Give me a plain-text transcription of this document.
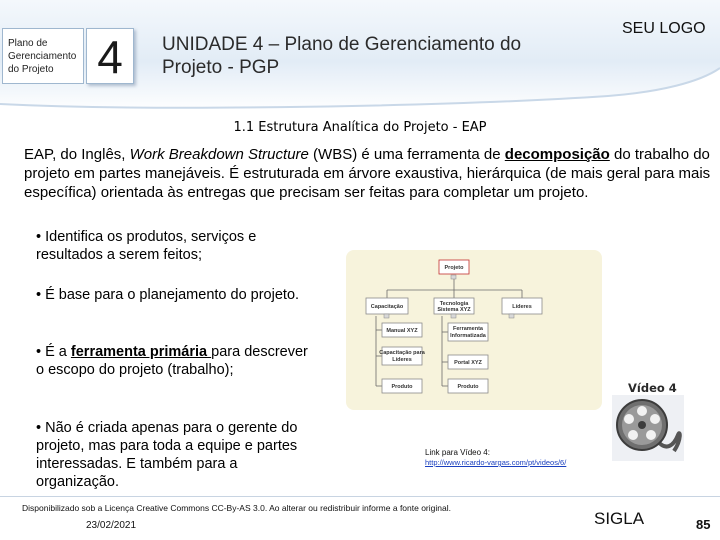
Plano de Gerenciamento do Projeto 4	UNIDADE 4 – Plano de Gerenciamento do Projeto - PGP
SEU LOGO
1.1 Estrutura Analítica do Projeto - EAP
EAP, do Inglês, Work Breakdown Structure (WBS) é uma ferramenta de decomposição do trabalho do projeto em partes manejáveis. É estruturada em árvore exaustiva, hierárquica (de mais geral para mais específica) orientada às entregas que precisam ser feitas para completar um projeto.
• Identifica os produtos, serviços e resultados a serem feitos;
• É base para o planejamento do projeto.
• É a ferramenta primária para descrever o escopo do projeto (trabalho);
• Não é criada apenas para o gerente do projeto, mas para toda a equipe e partes interessadas. E também para a organização.
Projeto
Capacitação	Tecnologia
Sistema XYZ	Líderes
Manual XYZ
Capacitação para
Líderes
Produto
Ferramenta
Informatizada
Portal XYZ
Produto	Vídeo 4
Link para Vídeo 4:
http://www.ricardo-vargas.com/pt/videos/6/
Disponibilizado sob a Licença Creative Commons CC-By-AS 3.0. Ao alterar ou redistribuir informe a fonte original.
23/02/2021	SIGLA	85
